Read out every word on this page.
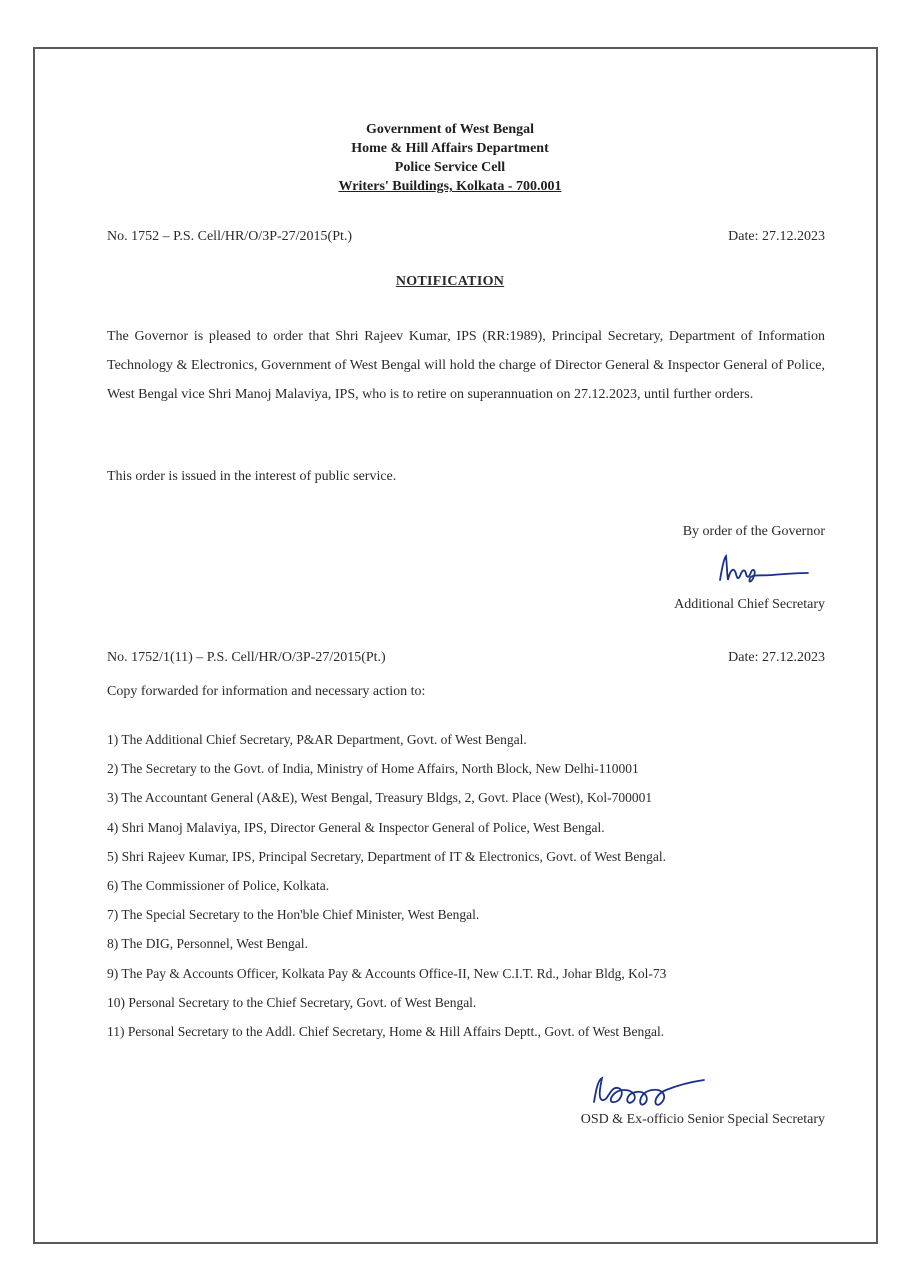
Government of West Bengal
Home & Hill Affairs Department
Police Service Cell
Writers' Buildings, Kolkata - 700.001
No. 1752 – P.S. Cell/HR/O/3P-27/2015(Pt.)	Date: 27.12.2023
NOTIFICATION
The Governor is pleased to order that Shri Rajeev Kumar, IPS (RR:1989), Principal Secretary, Department of Information Technology & Electronics, Government of West Bengal will hold the charge of Director General & Inspector General of Police, West Bengal vice Shri Manoj Malaviya, IPS, who is to retire on superannuation on 27.12.2023, until further orders.
This order is issued in the interest of public service.
By order of the Governor
Additional Chief Secretary
No. 1752/1(11) – P.S. Cell/HR/O/3P-27/2015(Pt.)	Date: 27.12.2023
Copy forwarded for information and necessary action to:
1) The Additional Chief Secretary, P&AR Department, Govt. of West Bengal.
2) The Secretary to the Govt. of India, Ministry of Home Affairs, North Block, New Delhi-110001
3) The Accountant General (A&E), West Bengal, Treasury Bldgs, 2, Govt. Place (West), Kol-700001
4) Shri Manoj Malaviya, IPS, Director General & Inspector General of Police, West Bengal.
5) Shri Rajeev Kumar, IPS, Principal Secretary, Department of IT & Electronics, Govt. of West Bengal.
6) The Commissioner of Police, Kolkata.
7) The Special Secretary to the Hon'ble Chief Minister, West Bengal.
8) The DIG, Personnel, West Bengal.
9) The Pay & Accounts Officer, Kolkata Pay & Accounts Office-II, New C.I.T. Rd., Johar Bldg, Kol-73
10) Personal Secretary to the Chief Secretary, Govt. of West Bengal.
11) Personal Secretary to the Addl. Chief Secretary, Home & Hill Affairs Deptt., Govt. of West Bengal.
OSD & Ex-officio Senior Special Secretary
